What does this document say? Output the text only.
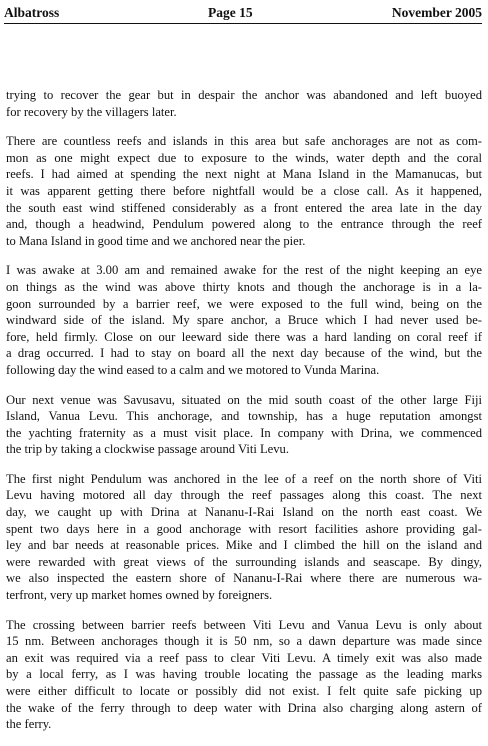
Albatross	Page 15	November 2005

trying to recover the gear but in despair the anchor was abandoned and left buoyed
for recovery by the villagers later.

There are countless reefs and islands in this area but safe anchorages are not as com-
mon as one might expect due to exposure to the winds, water depth and the coral
reefs. I had aimed at spending the next night at Mana Island in the Mamanucas, but
it was apparent getting there before nightfall would be a close call. As it happened,
the south east wind stiffened considerably as a front entered the area late in the day
and, though a headwind, Pendulum powered along to the entrance through the reef
to Mana Island in good time and we anchored near the pier.

I was awake at 3.00 am and remained awake for the rest of the night keeping an eye
on things as the wind was above thirty knots and though the anchorage is in a la-
goon surrounded by a barrier reef, we were exposed to the full wind, being on the
windward side of the island. My spare anchor, a Bruce which I had never used be-
fore, held firmly. Close on our leeward side there was a hard landing on coral reef if
a drag occurred. I had to stay on board all the next day because of the wind, but the
following day the wind eased to a calm and we motored to Vunda Marina.

Our next venue was Savusavu, situated on the mid south coast of the other large Fiji
Island, Vanua Levu. This anchorage, and township, has a huge reputation amongst
the yachting fraternity as a must visit place. In company with Drina, we commenced
the trip by taking a clockwise passage around Viti Levu.

The first night Pendulum was anchored in the lee of a reef on the north shore of Viti
Levu having motored all day through the reef passages along this coast. The next
day, we caught up with Drina at Nananu-I-Rai Island on the north east coast. We
spent two days here in a good anchorage with resort facilities ashore providing gal-
ley and bar needs at reasonable prices. Mike and I climbed the hill on the island and
were rewarded with great views of the surrounding islands and seascape. By dingy,
we also inspected the eastern shore of Nananu-I-Rai where there are numerous wa-
terfront, very up market homes owned by foreigners.

The crossing between barrier reefs between Viti Levu and Vanua Levu is only about
15 nm. Between anchorages though it is 50 nm, so a dawn departure was made since
an exit was required via a reef pass to clear Viti Levu. A timely exit was also made
by a local ferry, as I was having trouble locating the passage as the leading marks
were either difficult to locate or possibly did not exist. I felt quite safe picking up
the wake of the ferry through to deep water with Drina also charging along astern of
the ferry.
